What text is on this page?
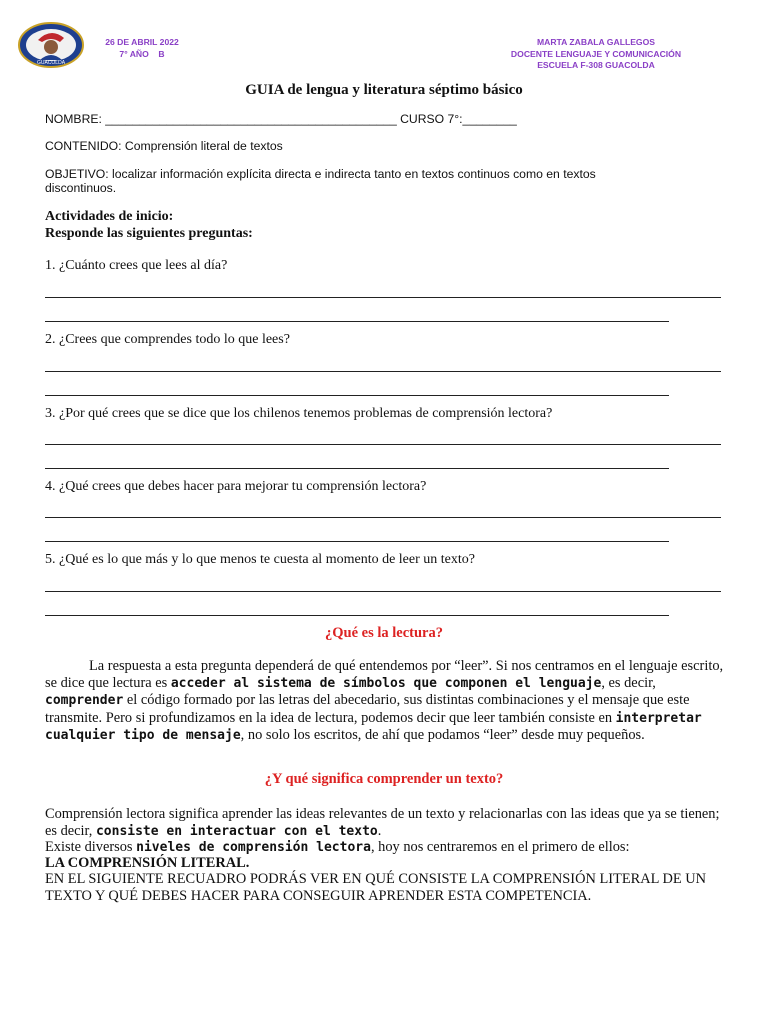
GUACOLDA
26 DE ABRIL 2022
7° AÑO    B
MARTA ZABALA GALLEGOS
DOCENTE LENGUAJE Y COMUNICACIÓN
ESCUELA F-308 GUACOLDA
GUIA de lengua y literatura séptimo básico
NOMBRE: ___________________________________________ CURSO 7°:________
CONTENIDO: Comprensión literal de textos
OBJETIVO: localizar información explícita directa e indirecta tanto en textos continuos como en textos
discontinuos.
Actividades de inicio:
Responde las siguientes preguntas:
1. ¿Cuánto crees que lees al día?
2. ¿Crees que comprendes todo lo que lees?
3. ¿Por qué crees que se dice que los chilenos tenemos problemas de comprensión lectora?
4. ¿Qué crees que debes hacer para mejorar tu comprensión lectora?
5. ¿Qué es lo que más y lo que menos te cuesta al momento de leer un texto?
¿Qué es la lectura?
La respuesta a esta pregunta dependerá de qué entendemos por “leer”. Si nos centramos en el lenguaje escrito, se dice que lectura es acceder al sistema de símbolos que componen el lenguaje, es decir, comprender el código formado por las letras del abecedario, sus distintas combinaciones y el mensaje que este transmite. Pero si profundizamos en la idea de lectura, podemos decir que leer también consiste en interpretar cualquier tipo de mensaje, no solo los escritos, de ahí que podamos “leer” desde muy pequeños.
¿Y qué significa comprender un texto?
Comprensión lectora significa aprender las ideas relevantes de un texto y relacionarlas con las ideas que ya se tienen; es decir, consiste en interactuar con el texto.
Existe diversos niveles de comprensión lectora, hoy nos centraremos en el primero de ellos:
LA COMPRENSIÓN LITERAL.
EN EL SIGUIENTE RECUADRO PODRÁS VER EN QUÉ CONSISTE LA COMPRENSIÓN LITERAL DE UN TEXTO Y QUÉ DEBES HACER PARA CONSEGUIR APRENDER ESTA COMPETENCIA.
